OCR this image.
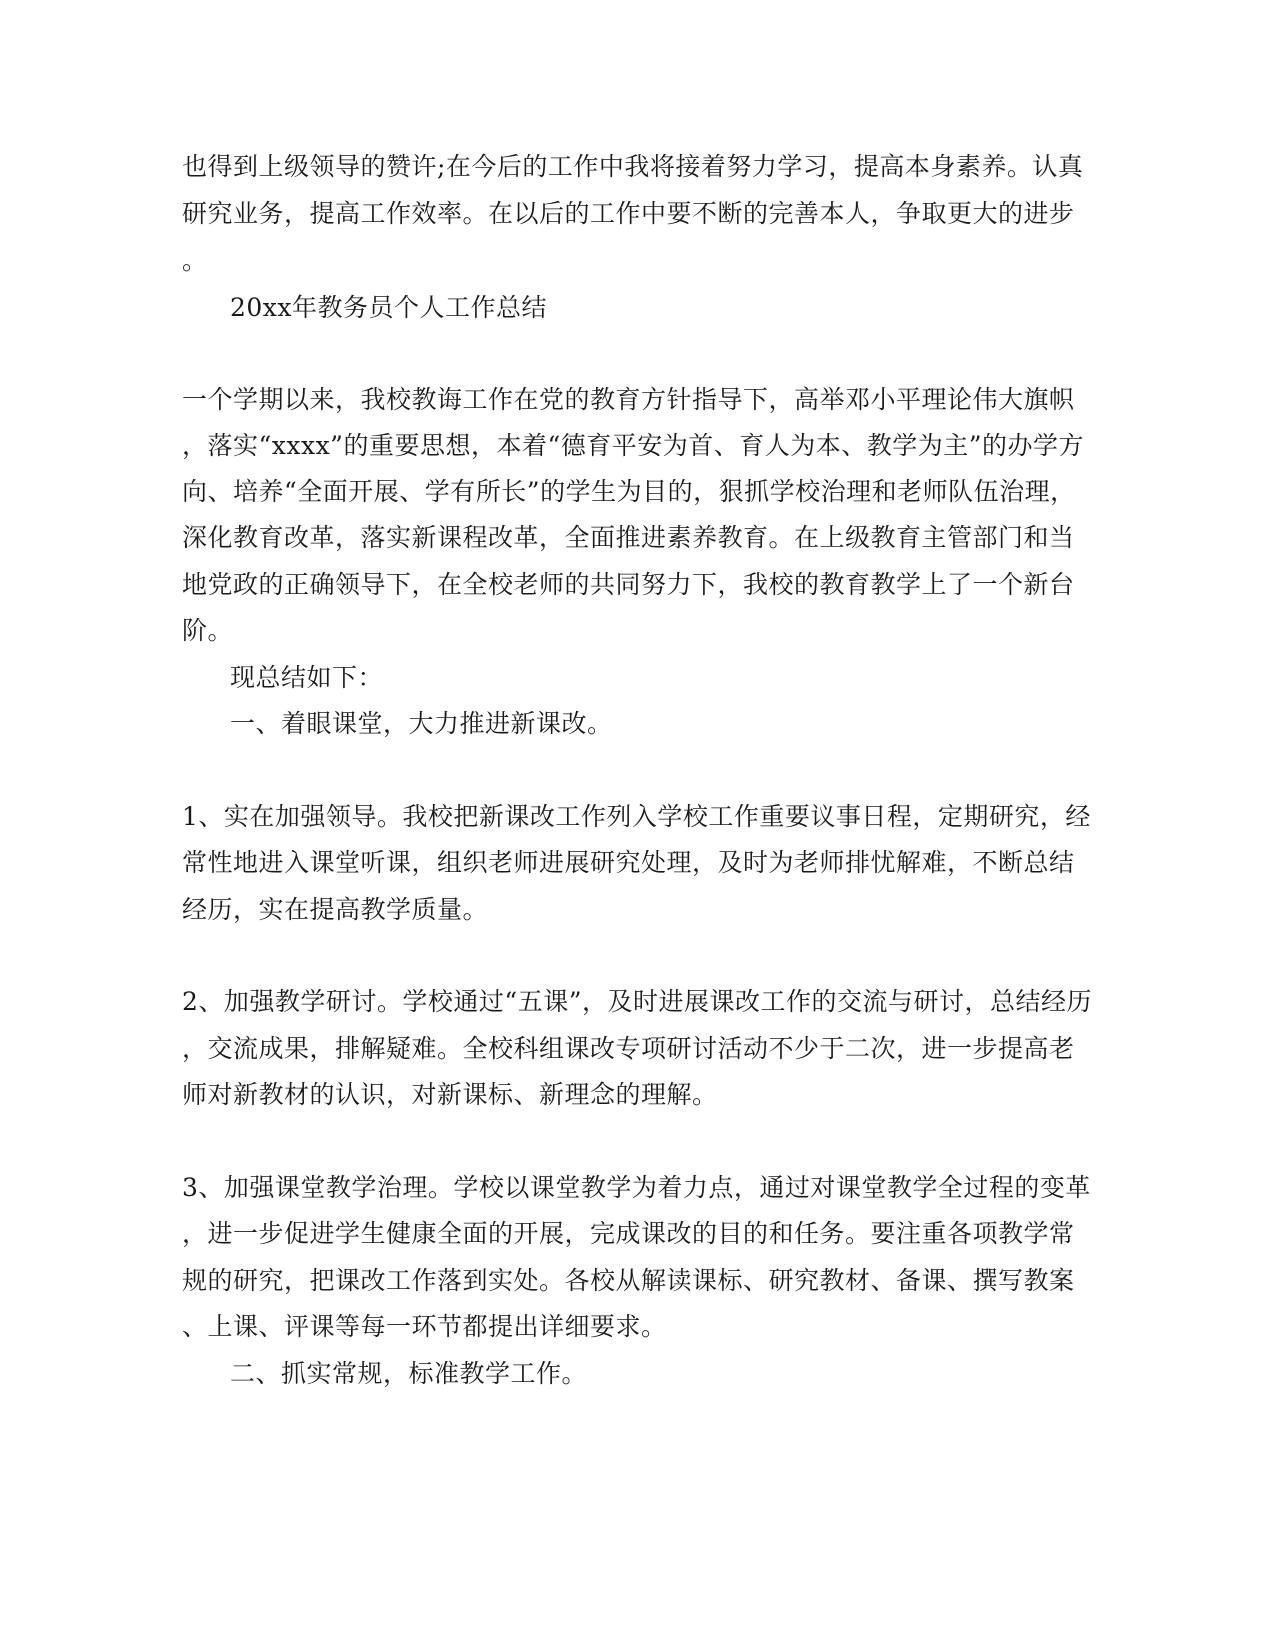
也得到上级领导的赞许;在今后的工作中我将接着努力学习，提高本身素养。认真
研究业务，提高工作效率。在以后的工作中要不断的完善本人，争取更大的进步
。
20xx年教务员个人工作总结
一个学期以来，我校教诲工作在党的教育方针指导下，高举邓小平理论伟大旗帜
，落实“xxxx”的重要思想，本着“德育平安为首、育人为本、教学为主”的办学方
向、培养“全面开展、学有所长”的学生为目的，狠抓学校治理和老师队伍治理，
深化教育改革，落实新课程改革，全面推进素养教育。在上级教育主管部门和当
地党政的正确领导下，在全校老师的共同努力下，我校的教育教学上了一个新台
阶。
现总结如下：
一、着眼课堂，大力推进新课改。
1、实在加强领导。我校把新课改工作列入学校工作重要议事日程，定期研究，经
常性地进入课堂听课，组织老师进展研究处理，及时为老师排忧解难，不断总结
经历，实在提高教学质量。
2、加强教学研讨。学校通过“五课”，及时进展课改工作的交流与研讨，总结经历
，交流成果，排解疑难。全校科组课改专项研讨活动不少于二次，进一步提高老
师对新教材的认识，对新课标、新理念的理解。
3、加强课堂教学治理。学校以课堂教学为着力点，通过对课堂教学全过程的变革
，进一步促进学生健康全面的开展，完成课改的目的和任务。要注重各项教学常
规的研究，把课改工作落到实处。各校从解读课标、研究教材、备课、撰写教案
、上课、评课等每一环节都提出详细要求。
二、抓实常规，标准教学工作。
